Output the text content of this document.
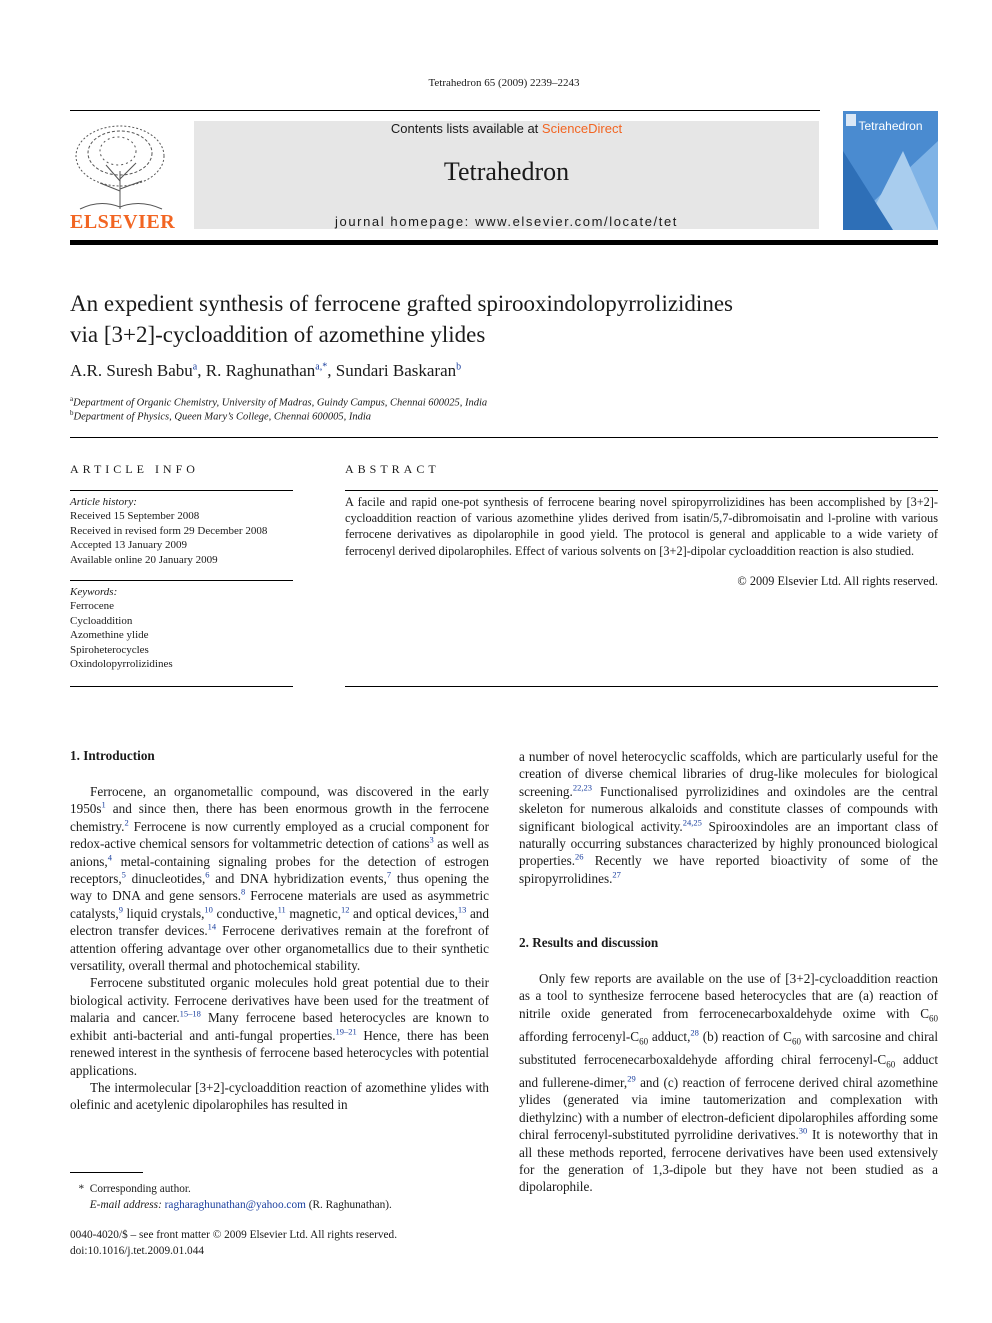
Tetrahedron 65 (2009) 2239–2243
ELSEVIER
Contents lists available at ScienceDirect
Tetrahedron
journal homepage: www.elsevier.com/locate/tet
Tetrahedron
An expedient synthesis of ferrocene grafted spirooxindolopyrrolizidines
via [3+2]-cycloaddition of azomethine ylides
A.R. Suresh Babu$^a$, R. Raghunathan$^{a,*}$, Sundari Baskaran$^b$
$^a$Department of Organic Chemistry, University of Madras, Guindy Campus, Chennai 600025, India
$^b$Department of Physics, Queen Mary’s College, Chennai 600005, India
ARTICLE INFO
Article history:
Received 15 September 2008
Received in revised form 29 December 2008
Accepted 13 January 2009
Available online 20 January 2009
Keywords:
Ferrocene
Cycloaddition
Azomethine ylide
Spiroheterocycles
Oxindolopyrrolizidines
ABSTRACT
A facile and rapid one-pot synthesis of ferrocene bearing novel spiropyrrolizidines has been accomplished by [3+2]-cycloaddition reaction of various azomethine ylides derived from isatin/5,7-dibromoisatin and l-proline with various ferrocene derivatives as dipolarophile in good yield. The protocol is general and applicable to a wide variety of ferrocenyl derived dipolarophiles. Effect of various solvents on [3+2]-dipolar cycloaddition reaction is also studied.
© 2009 Elsevier Ltd. All rights reserved.
1. Introduction

Ferrocene, an organometallic compound, was discovered in the early $1950s^1$ and since then, there has been enormous growth in the ferrocene chemistry.$^2$ Ferrocene is now currently employed as a crucial component for redox-active chemical sensors for voltammetric detection of cations$^3$ as well as anions,$^4$ metal-containing signaling probes for the detection of estrogen receptors,$^5$ dinucleotides,$^6$ and DNA hybridization events,$^7$ thus opening the way to DNA and gene sensors.$^8$ Ferrocene materials are used as asymmetric catalysts,$^9$ liquid crystals,$^{10}$ conductive,$^{11}$ magnetic,$^{12}$ and optical devices,$^{13}$ and electron transfer devices.$^{14}$ Ferrocene derivatives remain at the forefront of attention offering advantage over other organometallics due to their synthetic versatility, overall thermal and photochemical stability.

Ferrocene substituted organic molecules hold great potential due to their biological activity. Ferrocene derivatives have been used for the treatment of malaria and cancer.$^{15-18}$ Many ferrocene based heterocycles are known to exhibit anti-bacterial and anti-fungal properties.$^{19-21}$ Hence, there has been renewed interest in the synthesis of ferrocene based heterocycles with potential applications.

The intermolecular [3+2]-cycloaddition reaction of azomethine ylides with olefinic and acetylenic dipolarophiles has resulted in

a number of novel heterocyclic scaffolds, which are particularly useful for the creation of diverse chemical libraries of drug-like molecules for biological screening.$^{22,23}$ Functionalised pyrrolizidines and oxindoles are the central skeleton for numerous alkaloids and constitute classes of compounds with significant biological activity.$^{24,25}$ Spirooxindoles are an important class of naturally occurring substances characterized by highly pronounced biological properties.$^{26}$ Recently we have reported bioactivity of some of the spiropyrrolidines.$^{27}$

2. Results and discussion

Only few reports are available on the use of [3+2]-cycloaddition reaction as a tool to synthesize ferrocene based heterocycles that are (a) reaction of nitrile oxide generated from ferrocenecarboxaldehyde oxime with $C_{60}$ affording ferrocenyl-$C_{60}$ adduct,$^{28}$ (b) reaction of $C_{60}$ with sarcosine and chiral substituted ferrocenecarboxaldehyde affording chiral ferrocenyl-$C_{60}$ adduct and fullerene-dimer,$^{29}$ and (c) reaction of ferrocene derived chiral azomethine ylides (generated via imine tautomerization and complexation with diethylzinc) with a number of electron-deficient dipolarophiles affording some chiral ferrocenyl-substituted pyrrolidine derivatives.$^{30}$ It is noteworthy that in all these methods reported, ferrocene derivatives have been used extensively for the generation of 1,3-dipole but they have not been studied as a dipolarophile.

* Corresponding author.
E-mail address: ragharaghunathan@yahoo.com (R. Raghunathan).
0040-4020/$ – see front matter © 2009 Elsevier Ltd. All rights reserved.
doi:10.1016/j.tet.2009.01.044
